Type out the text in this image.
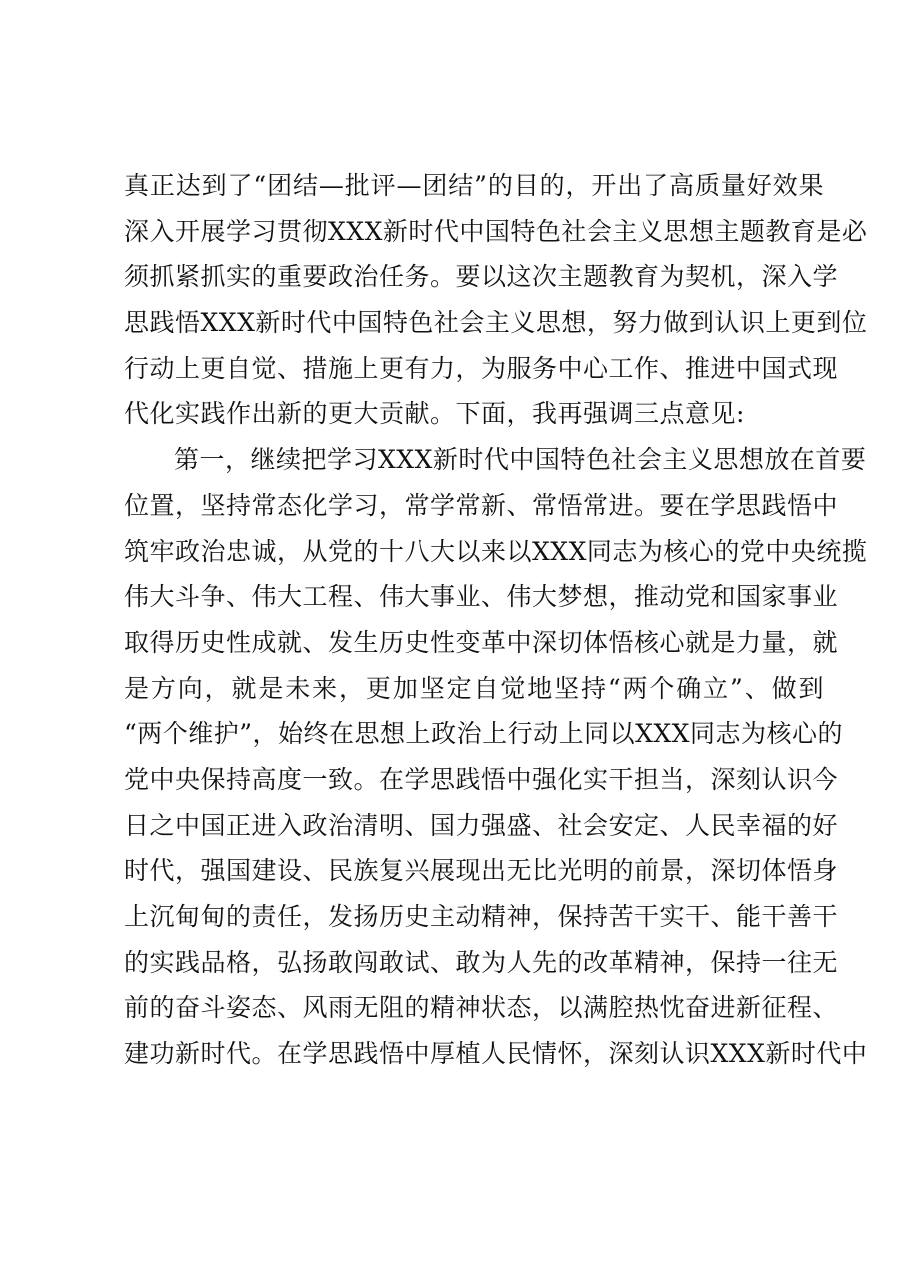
真正达到了“团结—批评—团结”的目的，开出了高质量好效果
深入开展学习贯彻XXX新时代中国特色社会主义思想主题教育是必
须抓紧抓实的重要政治任务。要以这次主题教育为契机，深入学
思践悟XXX新时代中国特色社会主义思想，努力做到认识上更到位
行动上更自觉、措施上更有力，为服务中心工作、推进中国式现
代化实践作出新的更大贡献。下面，我再强调三点意见:
第一，继续把学习XXX新时代中国特色社会主义思想放在首要
位置，坚持常态化学习，常学常新、常悟常进。要在学思践悟中
筑牢政治忠诚，从党的十八大以来以XXX同志为核心的党中央统揽
伟大斗争、伟大工程、伟大事业、伟大梦想，推动党和国家事业
取得历史性成就、发生历史性变革中深切体悟核心就是力量，就
是方向，就是未来，更加坚定自觉地坚持“两个确立”、做到
“两个维护”，始终在思想上政治上行动上同以XXX同志为核心的
党中央保持高度一致。在学思践悟中强化实干担当，深刻认识今
日之中国正进入政治清明、国力强盛、社会安定、人民幸福的好
时代，强国建设、民族复兴展现出无比光明的前景，深切体悟身
上沉甸甸的责任，发扬历史主动精神，保持苦干实干、能干善干
的实践品格，弘扬敢闯敢试、敢为人先的改革精神，保持一往无
前的奋斗姿态、风雨无阻的精神状态，以满腔热忱奋进新征程、
建功新时代。在学思践悟中厚植人民情怀，深刻认识XXX新时代中
